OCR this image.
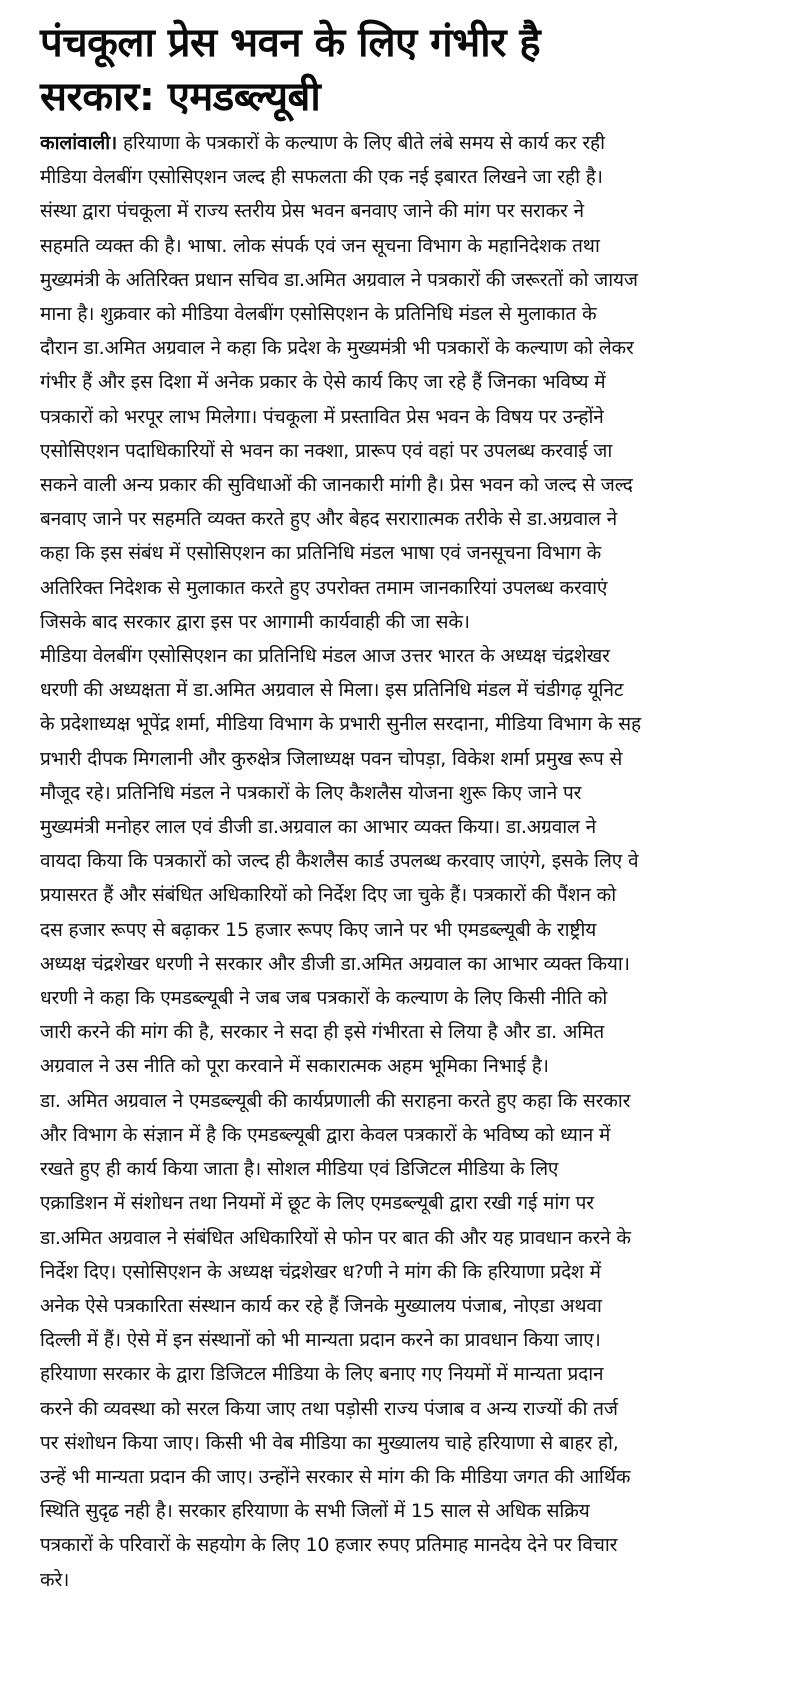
पंचकूला प्रेस भवन के लिए गंभीर है
सरकार: एमडब्ल्यूबी
कालांवाली। हरियाणा के पत्रकारों के कल्याण के लिए बीते लंबे समय से कार्य कर रही
मीडिया वेलबींग एसोसिएशन जल्द ही सफलता की एक नई इबारत लिखने जा रही है।
संस्था द्वारा पंचकूला में राज्य स्तरीय प्रेस भवन बनवाए जाने की मांग पर सराकर ने
सहमति व्यक्त की है। भाषा. लोक संपर्क एवं जन सूचना विभाग के महानिदेशक तथा
मुख्यमंत्री के अतिरिक्त प्रधान सचिव डा.अमित अग्रवाल ने पत्रकारों की जरूरतों को जायज
माना है। शुक्रवार को मीडिया वेलबींग एसोसिएशन के प्रतिनिधि मंडल से मुलाकात के
दौरान डा.अमित अग्रवाल ने कहा कि प्रदेश के मुख्यमंत्री भी पत्रकारों के कल्याण को लेकर
गंभीर हैं और इस दिशा में अनेक प्रकार के ऐसे कार्य किए जा रहे हैं जिनका भविष्य में
पत्रकारों को भरपूर लाभ मिलेगा। पंचकूला में प्रस्तावित प्रेस भवन के विषय पर उन्होंने
एसोसिएशन पदाधिकारियों से भवन का नक्शा, प्रारूप एवं वहां पर उपलब्ध करवाई जा
सकने वाली अन्य प्रकार की सुविधाओं की जानकारी मांगी है। प्रेस भवन को जल्द से जल्द
बनवाए जाने पर सहमति व्यक्त करते हुए और बेहद सराराात्मक तरीके से डा.अग्रवाल ने
कहा कि इस संबंध में एसोसिएशन का प्रतिनिधि मंडल भाषा एवं जनसूचना विभाग के
अतिरिक्त निदेशक से मुलाकात करते हुए उपरोक्त तमाम जानकारियां उपलब्ध करवाएं
जिसके बाद सरकार द्वारा इस पर आगामी कार्यवाही की जा सके।
मीडिया वेलबींग एसोसिएशन का प्रतिनिधि मंडल आज उत्तर भारत के अध्यक्ष चंद्रशेखर
धरणी की अध्यक्षता में डा.अमित अग्रवाल से मिला। इस प्रतिनिधि मंडल में चंडीगढ़ यूनिट
के प्रदेशाध्यक्ष भूपेंद्र शर्मा, मीडिया विभाग के प्रभारी सुनील सरदाना, मीडिया विभाग के सह
प्रभारी दीपक मिगलानी और कुरुक्षेत्र जिलाध्यक्ष पवन चोपड़ा, विकेश शर्मा प्रमुख रूप से
मौजूद रहे। प्रतिनिधि मंडल ने पत्रकारों के लिए कैशलैस योजना शुरू किए जाने पर
मुख्यमंत्री मनोहर लाल एवं डीजी डा.अग्रवाल का आभार व्यक्त किया। डा.अग्रवाल ने
वायदा किया कि पत्रकारों को जल्द ही कैशलैस कार्ड उपलब्ध करवाए जाएंगे, इसके लिए वे
प्रयासरत हैं और संबंधित अधिकारियों को निर्देश दिए जा चुके हैं। पत्रकारों की पैंशन को
दस हजार रूपए से बढ़ाकर 15 हजार रूपए किए जाने पर भी एमडब्ल्यूबी के राष्ट्रीय
अध्यक्ष चंद्रशेखर धरणी ने सरकार और डीजी डा.अमित अग्रवाल का आभार व्यक्त किया।
धरणी ने कहा कि एमडब्ल्यूबी ने जब जब पत्रकारों के कल्याण के लिए किसी नीति को
जारी करने की मांग की है, सरकार ने सदा ही इसे गंभीरता से लिया है और डा. अमित
अग्रवाल ने उस नीति को पूरा करवाने में सकारात्मक अहम भूमिका निभाई है।
डा. अमित अग्रवाल ने एमडब्ल्यूबी की कार्यप्रणाली की सराहना करते हुए कहा कि सरकार
और विभाग के संज्ञान में है कि एमडब्ल्यूबी द्वारा केवल पत्रकारों के भविष्य को ध्यान में
रखते हुए ही कार्य किया जाता है। सोशल मीडिया एवं डिजिटल मीडिया के लिए
एक्राडिशन में संशोधन तथा नियमों में छूट के लिए एमडब्ल्यूबी द्वारा रखी गई मांग पर
डा.अमित अग्रवाल ने संबंधित अधिकारियों से फोन पर बात की और यह प्रावधान करने के
निर्देश दिए। एसोसिएशन के अध्यक्ष चंद्रशेखर ध?णी ने मांग की कि हरियाणा प्रदेश में
अनेक ऐसे पत्रकारिता संस्थान कार्य कर रहे हैं जिनके मुख्यालय पंजाब, नोएडा अथवा
दिल्ली में हैं। ऐसे में इन संस्थानों को भी मान्यता प्रदान करने का प्रावधान किया जाए।
हरियाणा सरकार के द्वारा डिजिटल मीडिया के लिए बनाए गए नियमों में मान्यता प्रदान
करने की व्यवस्था को सरल किया जाए तथा पड़ोसी राज्य पंजाब व अन्य राज्यों की तर्ज
पर संशोधन किया जाए। किसी भी वेब मीडिया का मुख्यालय चाहे हरियाणा से बाहर हो,
उन्हें भी मान्यता प्रदान की जाए। उन्होंने सरकार से मांग की कि मीडिया जगत की आर्थिक
स्थिति सुदृढ नही है। सरकार हरियाणा के सभी जिलों में 15 साल से अधिक सक्रिय
पत्रकारों के परिवारों के सहयोग के लिए 10 हजार रुपए प्रतिमाह मानदेय देने पर विचार
करे।
